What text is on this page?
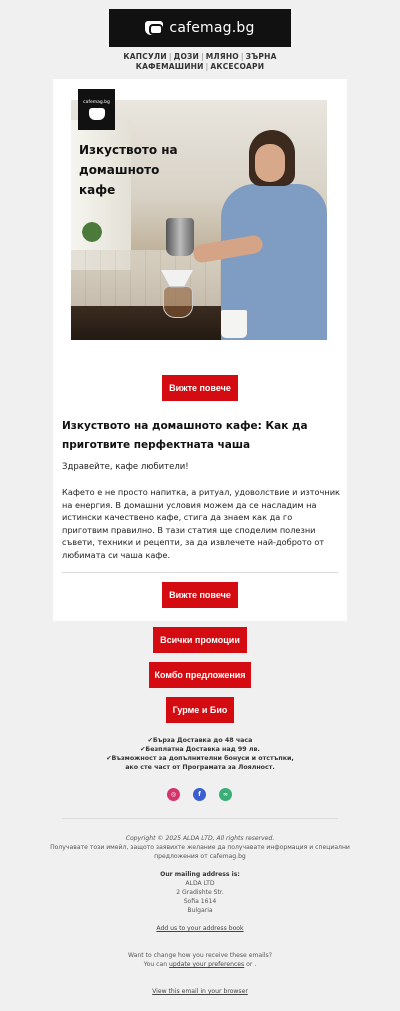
cafemag.bg
КАПСУЛИ | ДОЗИ | МЛЯНО | ЗЪРНА
КАФЕМАШИНИ | АКСЕСОАРИ
cafemag.bg
Изкуството на домашното кафе
Вижте повече
Изкуството на домашното кафе: Как да приготвите перфектната чаша
Здравейте, кафе любители!
Кафето е не просто напитка, а ритуал, удоволствие и източник на енергия. В домашни условия можем да се насладим на истински качествено кафе, стига да знаем как да го приготвим правилно. В тази статия ще споделим полезни съвети, техники и рецепти, за да извлечете най-доброто от любимата си чаша кафе.
Вижте повече
Всички промоции
Комбо предложения
Гурме и Био
✔Бърза Доставка до 48 часа
✔Безплатна Доставка над 99 лв.
✔Възможност за допълнителни бонуси и отстъпки,
ако сте част от Програмата за Лоялност.
◎	f	∞
Copyright © 2025 ALDA LTD, All rights reserved.
Получавате този имейл, защото заявихте желание да получавате информация и специални
предложения от cafemag.bg
Our mailing address is:
ALDA LTD
2 Gradishte Str.
Sofia 1614
Bulgaria
Add us to your address book
Want to change how you receive these emails?
You can update your preferences or .
View this email in your browser
